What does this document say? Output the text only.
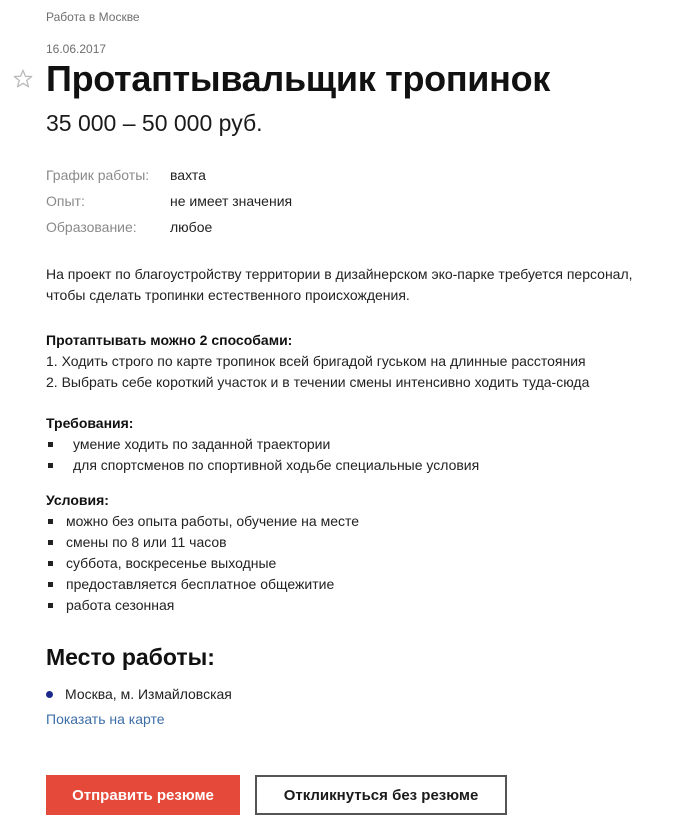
Работа в Москве
16.06.2017
Протаптывальщик тропинок
35 000 – 50 000 руб.
График работы:	вахта
Опыт:	не имеет значения
Образование:	любое
На проект по благоустройству территории в дизайнерском эко-парке требуется персонал, чтобы сделать тропинки естественного происхождения.
Протаптывать можно 2 способами:
1. Ходить строго по карте тропинок всей бригадой гуськом на длинные расстояния
2. Выбрать себе короткий участок и в течении смены интенсивно ходить туда-сюда
Требования:
умение ходить по заданной траектории
для спортсменов по спортивной ходьбе специальные условия
Условия:
можно без опыта работы, обучение на месте
смены по 8 или 11 часов
суббота, воскресенье выходные
предоставляется бесплатное общежитие
работа сезонная
Место работы:
Москва, м. Измайловская
Показать на карте
Отправить резюме	Откликнуться без резюме
